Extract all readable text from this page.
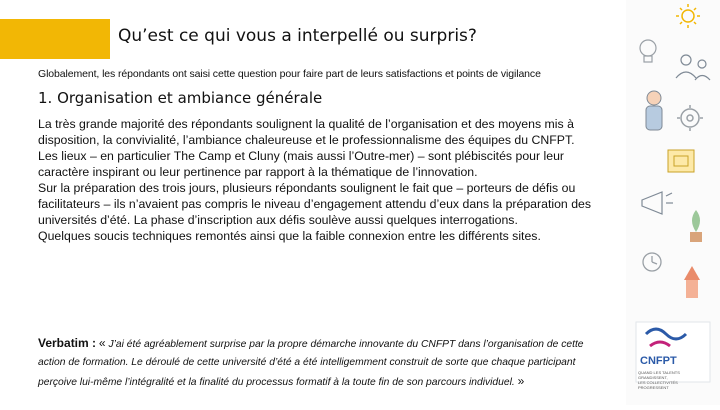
Qu’est ce qui vous a interpellé ou surpris?
Globalement, les répondants ont saisi cette question pour faire part de leurs satisfactions et points de vigilance
1. Organisation et ambiance générale

La très grande majorité des répondants soulignent la qualité de l’organisation et des moyens mis à disposition, la convivialité, l’ambiance chaleureuse et le professionnalisme des équipes du CNFPT.

Les lieux – en particulier The Camp et Cluny (mais aussi l’Outre-mer) – sont plébiscités pour leur caractère inspirant ou leur pertinence par rapport à la thématique de l’innovation.

Sur la préparation des trois jours, plusieurs répondants soulignent le fait que – porteurs de défis ou facilitateurs – ils n’avaient pas compris le niveau d’engagement attendu d’eux dans la préparation des universités d’été. La phase d’inscription aux défis soulève aussi quelques interrogations.

Quelques soucis techniques remontés ainsi que la faible connexion entre les différents sites.

Verbatim : « J’ai été agréablement surprise par la propre démarche innovante du CNFPT dans l’organisation de cette action de formation. Le déroulé de cette université d’été a été intelligemment construit de sorte que chaque participant perçoive lui-même l’intégralité et la finalité du processus formatif à la toute fin de son parcours individuel. »
CNFPT
QUAND LES TALENTS
GRANDISSENT,
LES COLLECTIVITÉS
PROGRESSENT
